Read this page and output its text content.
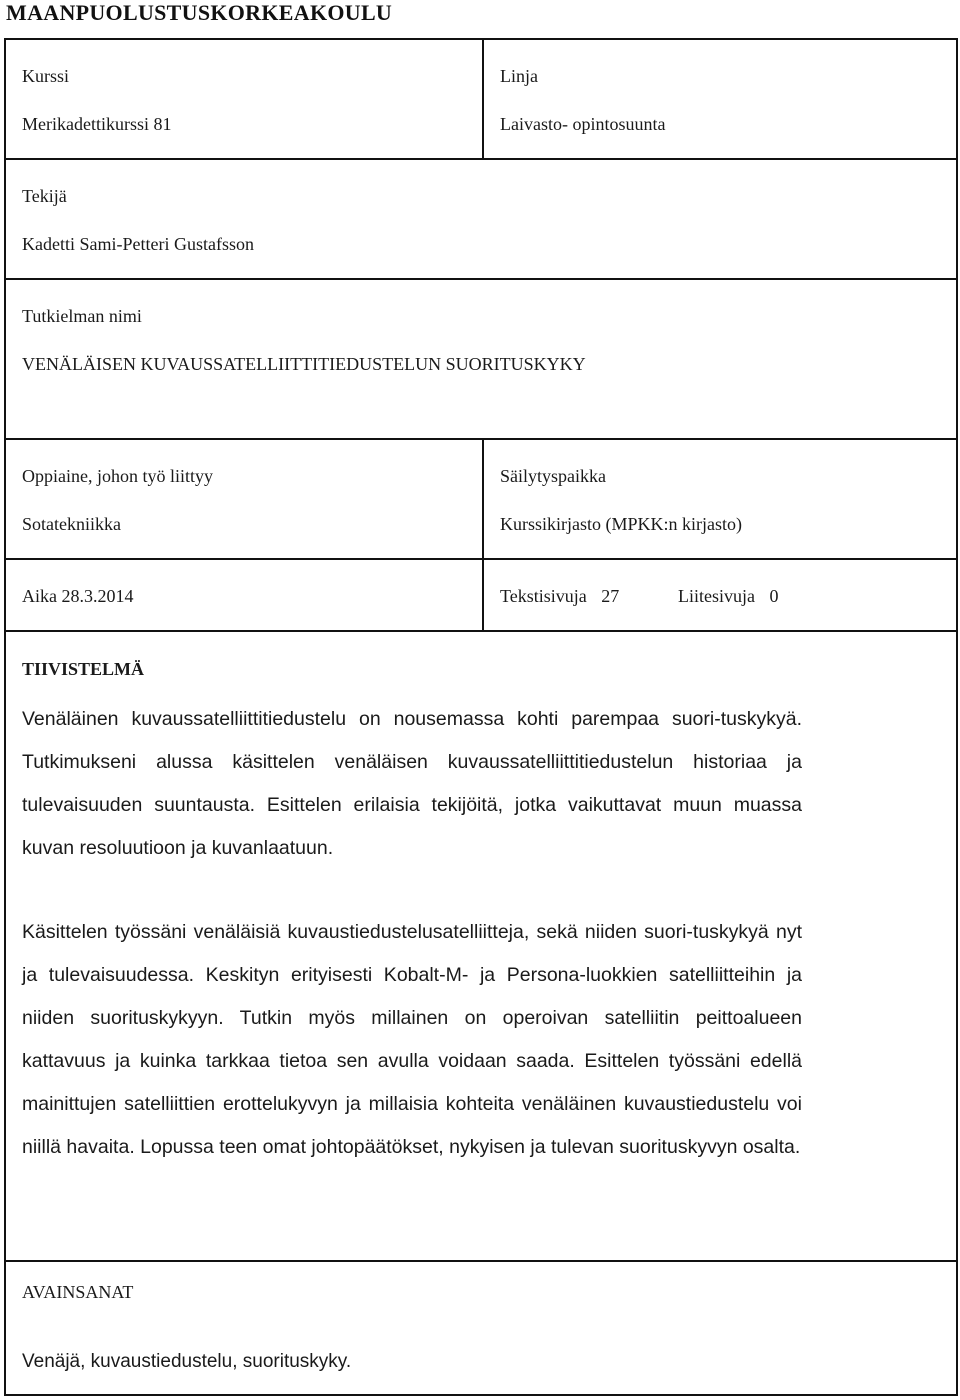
MAANPUOLUSTUSKORKEAKOULU
Kurssi
Merikadettikurssi 81
Linja
Laivasto- opintosuunta
Tekijä
Kadetti Sami-Petteri Gustafsson
Tutkielman nimi
VENÄLÄISEN KUVAUSSATELLIITTITIEDUSTELUN SUORITUSKYKY
Oppiaine, johon työ liittyy
Sotatekniikka
Säilytyspaikka
Kurssikirjasto (MPKK:n kirjasto)
Aika 28.3.2014	Tekstisivuja 27	Liitesivuja 0
TIIVISTELMÄ

Venäläinen kuvaussatelliittitiedustelu on nousemassa kohti parempaa suori-tuskykyä. Tutkimukseni alussa käsittelen venäläisen kuvaussatelliittitiedustelun historiaa ja tulevaisuuden suuntausta. Esittelen erilaisia tekijöitä, jotka vaikuttavat muun muassa kuvan resoluutioon ja kuvanlaatuun.

Käsittelen työssäni venäläisiä kuvaustiedustelusatelliitteja, sekä niiden suori-tuskykyä nyt ja tulevaisuudessa. Keskityn erityisesti Kobalt-M- ja Persona-luokkien satelliitteihin ja niiden suorituskykyyn. Tutkin myös millainen on operoivan satelliitin peittoalueen kattavuus ja kuinka tarkkaa tietoa sen avulla voidaan saada. Esittelen työssäni edellä mainittujen satelliittien erottelukyvyn ja millaisia kohteita venäläinen kuvaustiedustelu voi niillä havaita. Lopussa teen omat johtopäätökset, nykyisen ja tulevan suorituskyvyn osalta.

AVAINSANAT
Venäjä, kuvaustiedustelu, suorituskyky.
